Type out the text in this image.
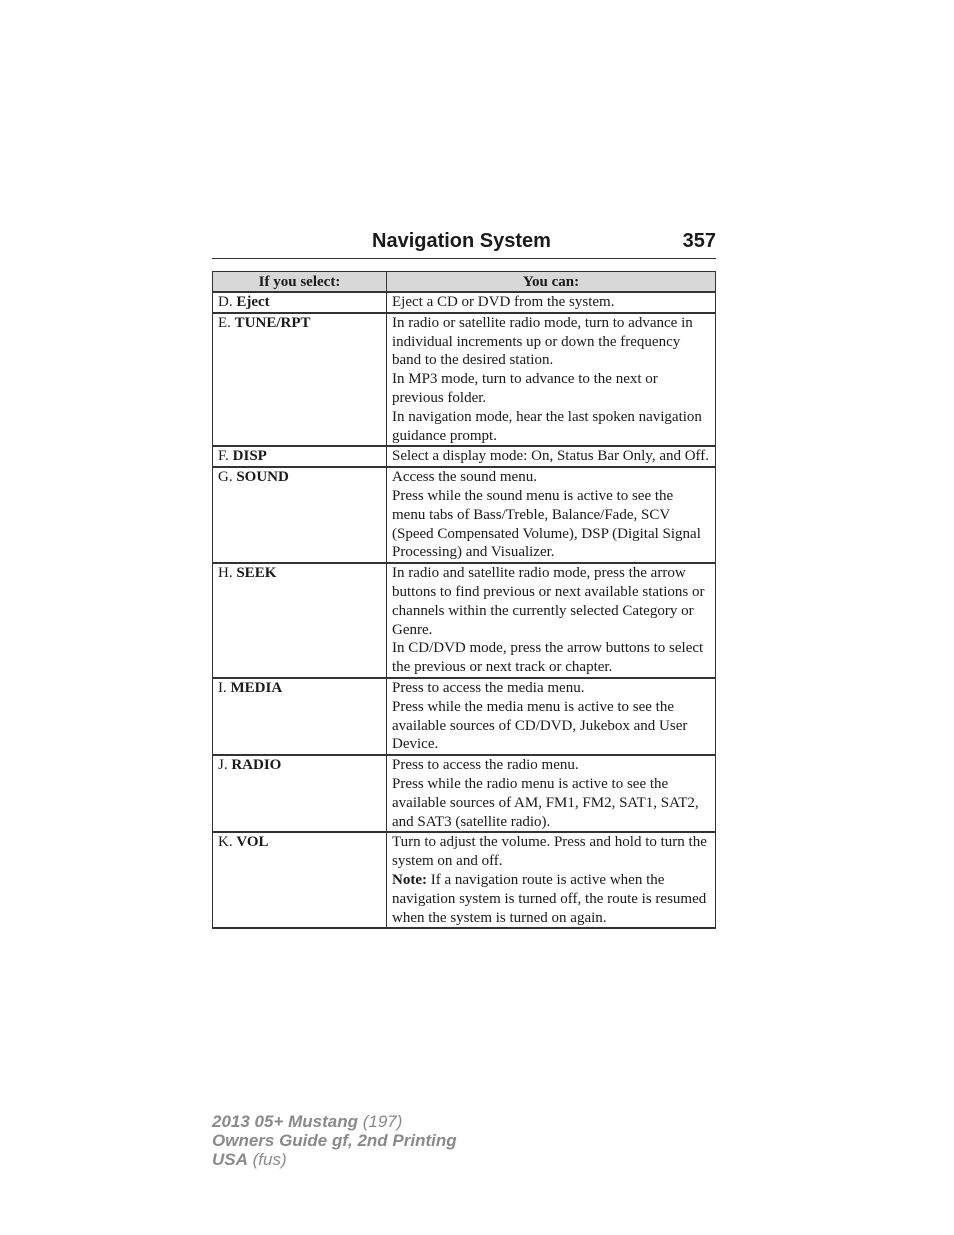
Navigation System	357
If you select:	You can:
D. Eject	Eject a CD or DVD from the system.

E. TUNE/RPT	In radio or satellite radio mode, turn to advance in individual increments up or down the frequency band to the desired station.
In MP3 mode, turn to advance to the next or previous folder.
In navigation mode, hear the last spoken navigation guidance prompt.

F. DISP	Select a display mode: On, Status Bar Only, and Off.

G. SOUND	Access the sound menu.
Press while the sound menu is active to see the menu tabs of Bass/Treble, Balance/Fade, SCV (Speed Compensated Volume), DSP (Digital Signal Processing) and Visualizer.

H. SEEK	In radio and satellite radio mode, press the arrow buttons to find previous or next available stations or channels within the currently selected Category or Genre.
In CD/DVD mode, press the arrow buttons to select the previous or next track or chapter.

I. MEDIA	Press to access the media menu.
Press while the media menu is active to see the available sources of CD/DVD, Jukebox and User Device.

J. RADIO	Press to access the radio menu.
Press while the radio menu is active to see the available sources of AM, FM1, FM2, SAT1, SAT2, and SAT3 (satellite radio).

K. VOL	Turn to adjust the volume. Press and hold to turn the system on and off.
Note: If a navigation route is active when the navigation system is turned off, the route is resumed when the system is turned on again.
2013 05+ Mustang (197)
Owners Guide gf, 2nd Printing
USA (fus)
